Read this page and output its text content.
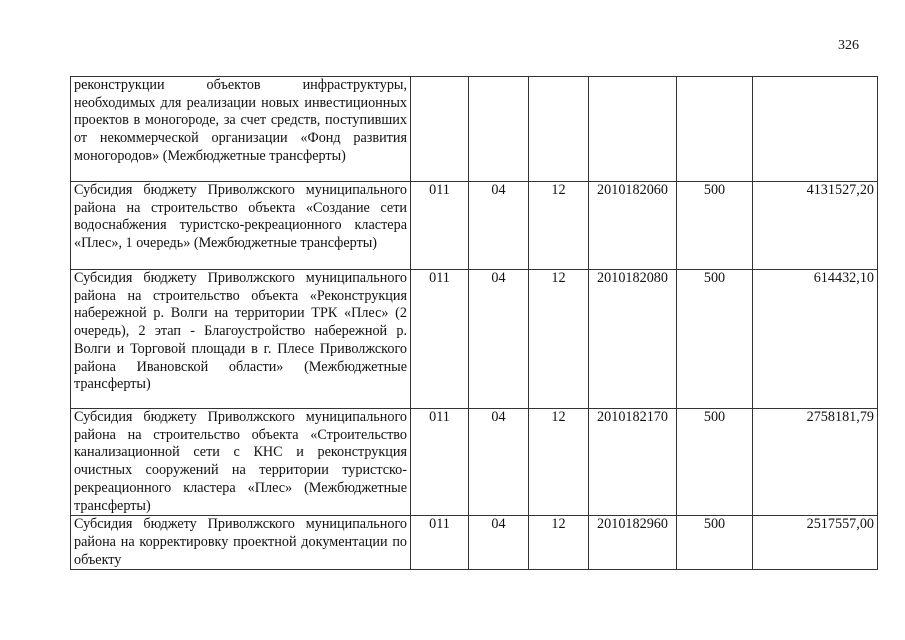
326
реконструкции объектов инфраструктуры, необходимых для реализации новых инвестиционных проектов в моногороде, за счет средств, поступивших от некоммерческой организации «Фонд развития моногородов» (Межбюджетные трансферты)						
Субсидия бюджету Приволжского муниципального района на строительство объекта «Создание сети водоснабжения туристско-рекреационного кластера «Плес», 1 очередь» (Межбюджетные трансферты)	011	04	12	2010182060	500	4131527,20
Субсидия бюджету Приволжского муниципального района на строительство объекта «Реконструкция набережной р. Волги на территории ТРК «Плес» (2 очередь), 2 этап - Благоустройство набережной р. Волги и Торговой площади в г. Плесе Приволжского района Ивановской области» (Межбюджетные трансферты)	011	04	12	2010182080	500	614432,10
Субсидия бюджету Приволжского муниципального района на строительство объекта «Строительство канализационной сети с КНС и реконструкция очистных сооружений на территории туристско-рекреационного кластера «Плес» (Межбюджетные трансферты)	011	04	12	2010182170	500	2758181,79
Субсидия бюджету Приволжского муниципального района на корректировку проектной документации по объекту	011	04	12	2010182960	500	2517557,00
